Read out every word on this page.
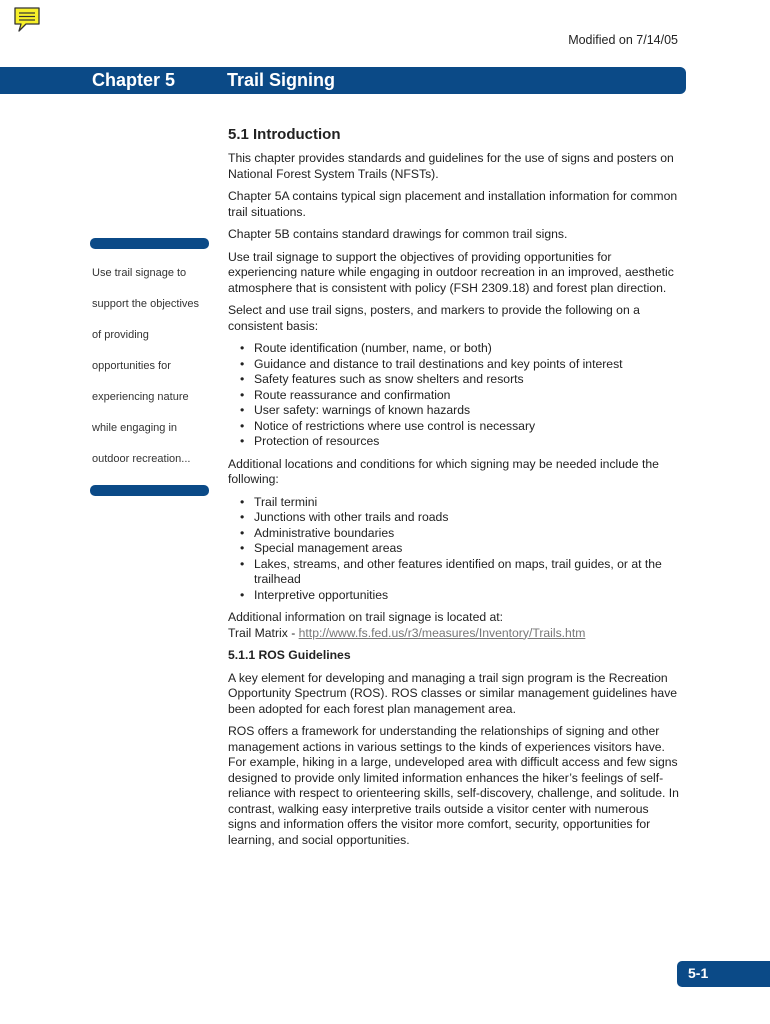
Modified on 7/14/05
Chapter 5	Trail Signing
Use trail signage to
support the objectives
of providing
opportunities for
experiencing nature
while engaging in
outdoor recreation...
5.1 Introduction

This chapter provides standards and guidelines for the use of signs and posters on National Forest System Trails (NFSTs).

Chapter 5A contains typical sign placement and installation information for common trail situations.

Chapter 5B contains standard drawings for common trail signs.

Use trail signage to support the objectives of providing opportunities for experiencing nature while engaging in outdoor recreation in an improved, aesthetic atmosphere that is consistent with policy (FSH 2309.18) and forest plan direction.

Select and use trail signs, posters, and markers to provide the following on a consistent basis:

• Route identification (number, name, or both)
• Guidance and distance to trail destinations and key points of interest
• Safety features such as snow shelters and resorts
• Route reassurance and confirmation
• User safety: warnings of known hazards
• Notice of restrictions where use control is necessary
• Protection of resources

Additional locations and conditions for which signing may be needed include the following:

• Trail termini
• Junctions with other trails and roads
• Administrative boundaries
• Special management areas
• Lakes, streams, and other features identified on maps, trail guides, or at the trailhead
• Interpretive opportunities

Additional information on trail signage is located at:
Trail Matrix - http://www.fs.fed.us/r3/measures/Inventory/Trails.htm

5.1.1 ROS Guidelines

A key element for developing and managing a trail sign program is the Recreation Opportunity Spectrum (ROS). ROS classes or similar management guidelines have been adopted for each forest plan management area.

ROS offers a framework for understanding the relationships of signing and other management actions in various settings to the kinds of experiences visitors have. For example, hiking in a large, undeveloped area with difficult access and few signs designed to provide only limited information enhances the hiker’s feelings of self-reliance with respect to orienteering skills, self-discovery, challenge, and solitude. In contrast, walking easy interpretive trails outside a visitor center with numerous signs and information offers the visitor more comfort, security, opportunities for learning, and social opportunities.

5-1
